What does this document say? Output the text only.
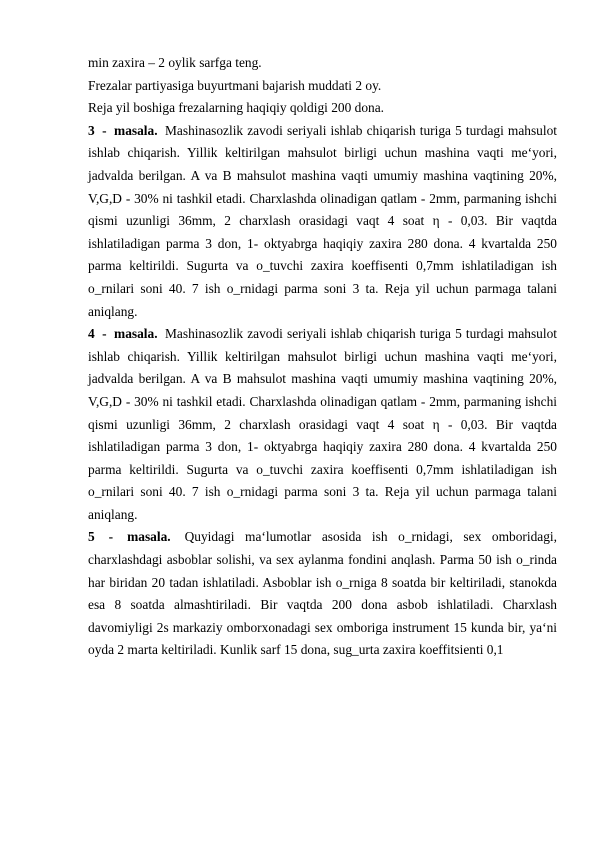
min zaxira – 2 oylik sarfga teng.
Frezalar partiyasiga buyurtmani bajarish muddati 2 oy.
Reja yil boshiga frezalarning haqiqiy qoldigi 200 dona.
3 - masala. Mashinasozlik zavodi seriyali ishlab chiqarish turiga 5 turdagi mahsulot ishlab chiqarish. Yillik keltirilgan mahsulot birligi uchun mashina vaqti me‘yori, jadvalda berilgan. A va B mahsulot mashina vaqti umumiy mashina vaqtining 20%, V,G,D - 30% ni tashkil etadi. Charxlashda olinadigan qatlam - 2mm, parmaning ishchi qismi uzunligi 36mm, 2 charxlash orasidagi vaqt 4 soat η - 0,03. Bir vaqtda ishlatiladigan parma 3 don, 1- oktyabrga haqiqiy zaxira 280 dona. 4 kvartalda 250 parma keltirildi. Sugurta va o_tuvchi zaxira koeffisenti 0,7mm ishlatiladigan ish o_rnilari soni 40. 7 ish o_rnidagi parma soni 3 ta. Reja yil uchun parmaga talani aniqlang.
4 - masala. Mashinasozlik zavodi seriyali ishlab chiqarish turiga 5 turdagi mahsulot ishlab chiqarish. Yillik keltirilgan mahsulot birligi uchun mashina vaqti me‘yori, jadvalda berilgan. A va B mahsulot mashina vaqti umumiy mashina vaqtining 20%, V,G,D - 30% ni tashkil etadi. Charxlashda olinadigan qatlam - 2mm, parmaning ishchi qismi uzunligi 36mm, 2 charxlash orasidagi vaqt 4 soat η - 0,03. Bir vaqtda ishlatiladigan parma 3 don, 1- oktyabrga haqiqiy zaxira 280 dona. 4 kvartalda 250 parma keltirildi. Sugurta va o_tuvchi zaxira koeffisenti 0,7mm ishlatiladigan ish o_rnilari soni 40. 7 ish o_rnidagi parma soni 3 ta. Reja yil uchun parmaga talani aniqlang.
5 - masala. Quyidagi ma‘lumotlar asosida ish o_rnidagi, sex omboridagi, charxlashdagi asboblar solishi, va sex aylanma fondini anqlash. Parma 50 ish o_rinda har biridan 20 tadan ishlatiladi. Asboblar ish o_rniga 8 soatda bir keltiriladi, stanokda esa 8 soatda almashtiriladi. Bir vaqtda 200 dona asbob ishlatiladi. Charxlash davomiyligi 2s markaziy omborxonadagi sex omboriga instrument 15 kunda bir, ya‘ni oyda 2 marta keltiriladi. Kunlik sarf 15 dona, sug_urta zaxira koeffitsienti 0,1
